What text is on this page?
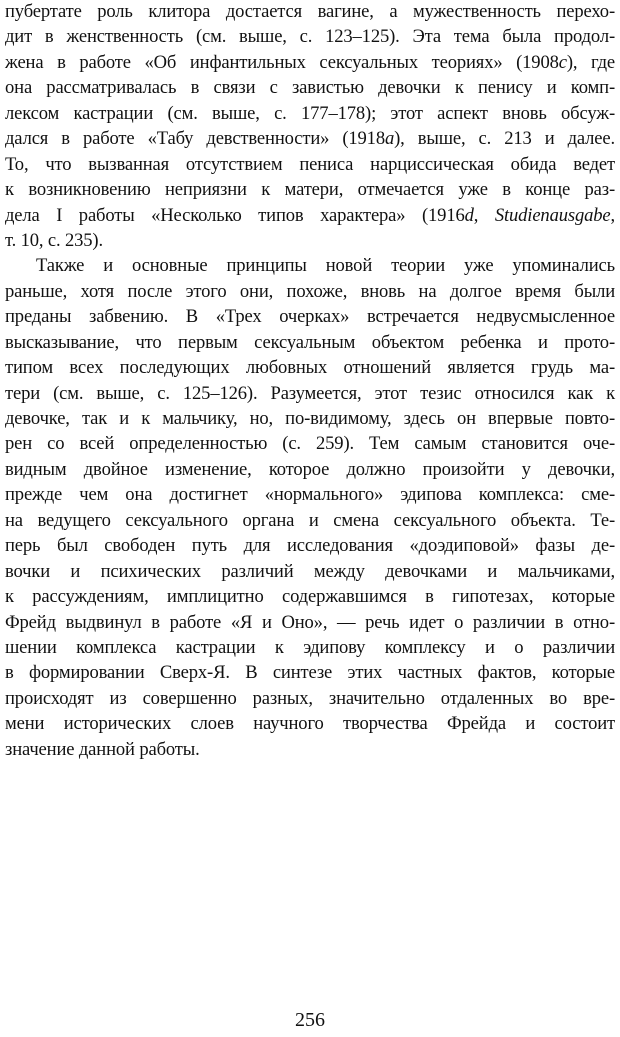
пубертате роль клитора достается вагине, а мужественность перехо-
дит в женственность (см. выше, с. 123–125). Эта тема была продол-
жена в работе «Об инфантильных сексуальных теориях» (1908c), где
она рассматривалась в связи с завистью девочки к пенису и комп-
лексом кастрации (см. выше, с. 177–178); этот аспект вновь обсуж-
дался в работе «Табу девственности» (1918a), выше, с. 213 и далее.
То, что вызванная отсутствием пениса нарциссическая обида ведет
к возникновению неприязни к матери, отмечается уже в конце раз-
дела I работы «Несколько типов характера» (1916d, Studienausgabe,
т. 10, с. 235).
Также и основные принципы новой теории уже упоминались
раньше, хотя после этого они, похоже, вновь на долгое время были
преданы забвению. В «Трех очерках» встречается недвусмысленное
высказывание, что первым сексуальным объектом ребенка и прото-
типом всех последующих любовных отношений является грудь ма-
тери (см. выше, с. 125–126). Разумеется, этот тезис относился как к
девочке, так и к мальчику, но, по-видимому, здесь он впервые повто-
рен со всей определенностью (с. 259). Тем самым становится оче-
видным двойное изменение, которое должно произойти у девочки,
прежде чем она достигнет «нормального» эдипова комплекса: сме-
на ведущего сексуального органа и смена сексуального объекта. Те-
перь был свободен путь для исследования «доэдиповой» фазы де-
вочки и психических различий между девочками и мальчиками,
к рассуждениям, имплицитно содержавшимся в гипотезах, которые
Фрейд выдвинул в работе «Я и Оно», — речь идет о различии в отно-
шении комплекса кастрации к эдипову комплексу и о различии
в формировании Сверх-Я. В синтезе этих частных фактов, которые
происходят из совершенно разных, значительно отдаленных во вре-
мени исторических слоев научного творчества Фрейда и состоит
значение данной работы.
256
